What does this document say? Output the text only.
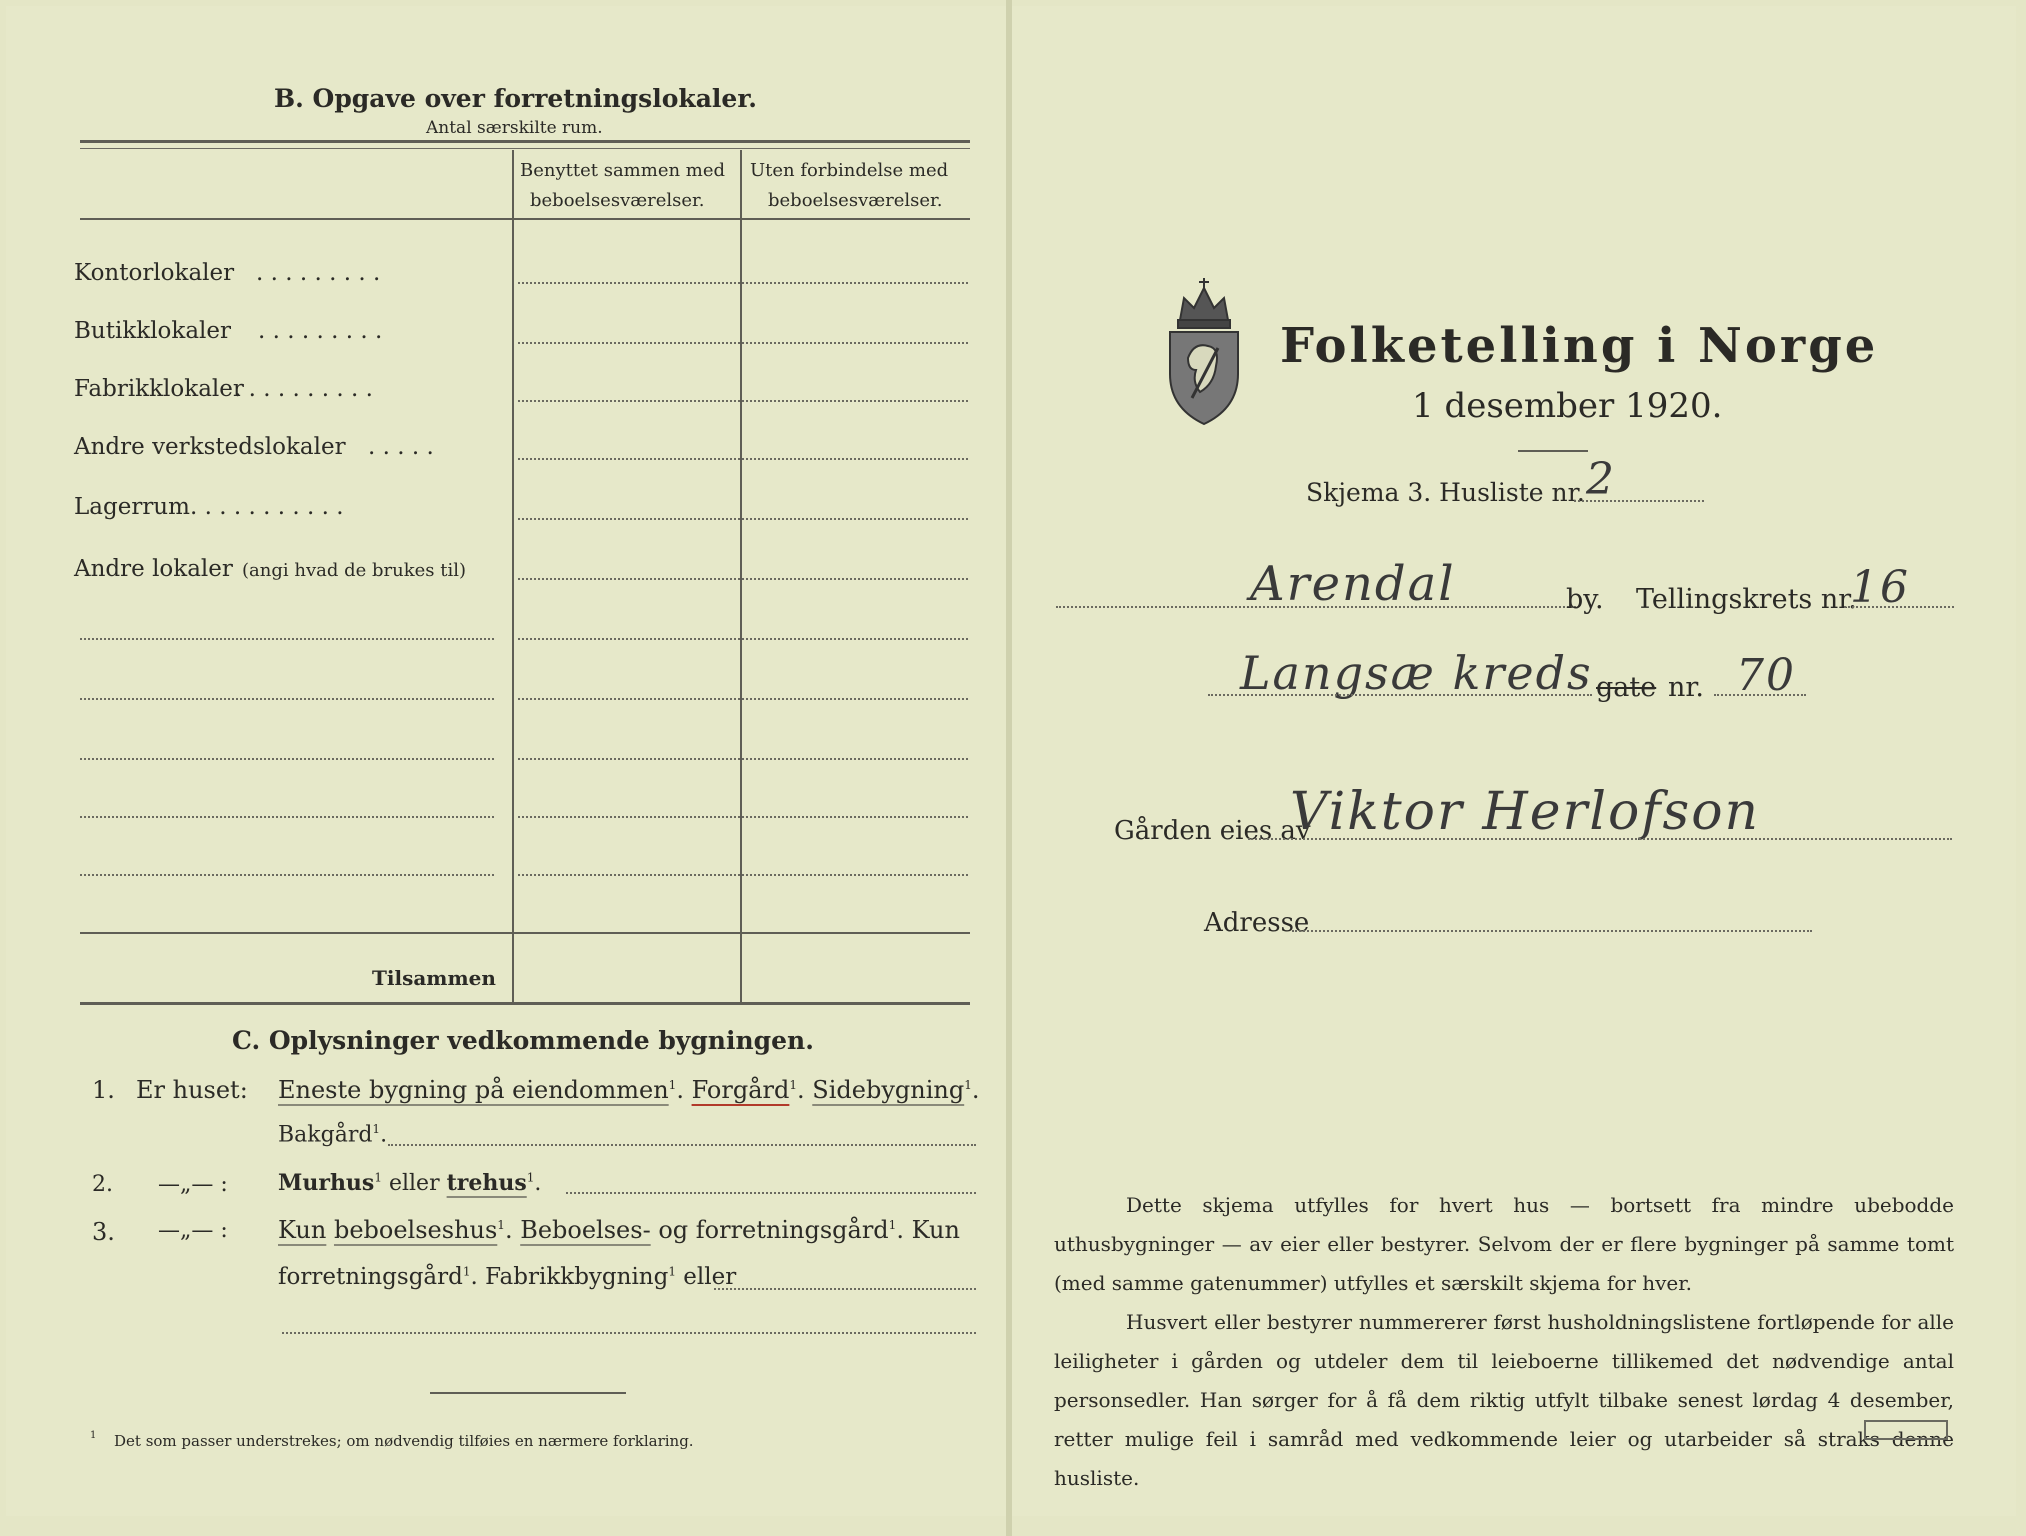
B. Opgave over forretningslokaler.
Antal særskilte rum.
Benyttet sammen med
beboelsesværelser.
Uten forbindelse med
beboelsesværelser.
Kontorlokaler . . . . . . . . .
Butikklokaler . . . . . . . . .
Fabrikklokaler
. . . . . . . . . .
Andre verkstedslokaler . . . . .
Lagerrum . . . . . . . . . . .
Andre lokaler (angi hvad de brukes til)
Tilsammen
C. Oplysninger vedkommende bygningen.
1. Er huset: Eneste bygning på eiendommen$^1$. Forgård$^1$. Sidebygning$^1$.
Bakgård$^1$.
2. —„— : Murhus$^1$ eller trehus$^1$.
3. —„— : Kun beboelseshus$^1$. Beboelses- og forretningsgård$^1$. Kun
forretningsgård$^1$. Fabrikkbygning$^1$ eller
1 Det som passer understrekes; om nødvendig tilføies en nærmere forklaring.
Folketelling i Norge
1 desember 1920.
Skjema 3. Husliste nr. 2
Arendal	by. Tellingskrets nr.
16
Langsæ kreds gate nr. 70
Gården eies av
Viktor Herlofson
Adresse
Dette skjema utfylles for hvert hus — bortsett fra mindre ubebodde uthusbygninger — av eier eller bestyrer. Selvom der er flere bygninger på samme tomt (med samme gatenummer) utfylles et særskilt skjema for hver.
Husvert eller bestyrer nummererer først husholdningslistene fortløpende for alle leiligheter i gården og utdeler dem til leieboerne tillikemed det nødvendige antal personsedler. Han sørger for å få dem riktig utfylt tilbake senest lørdag 4 desember, retter mulige feil i samråd med vedkommende leier og utarbeider så straks denne husliste.
